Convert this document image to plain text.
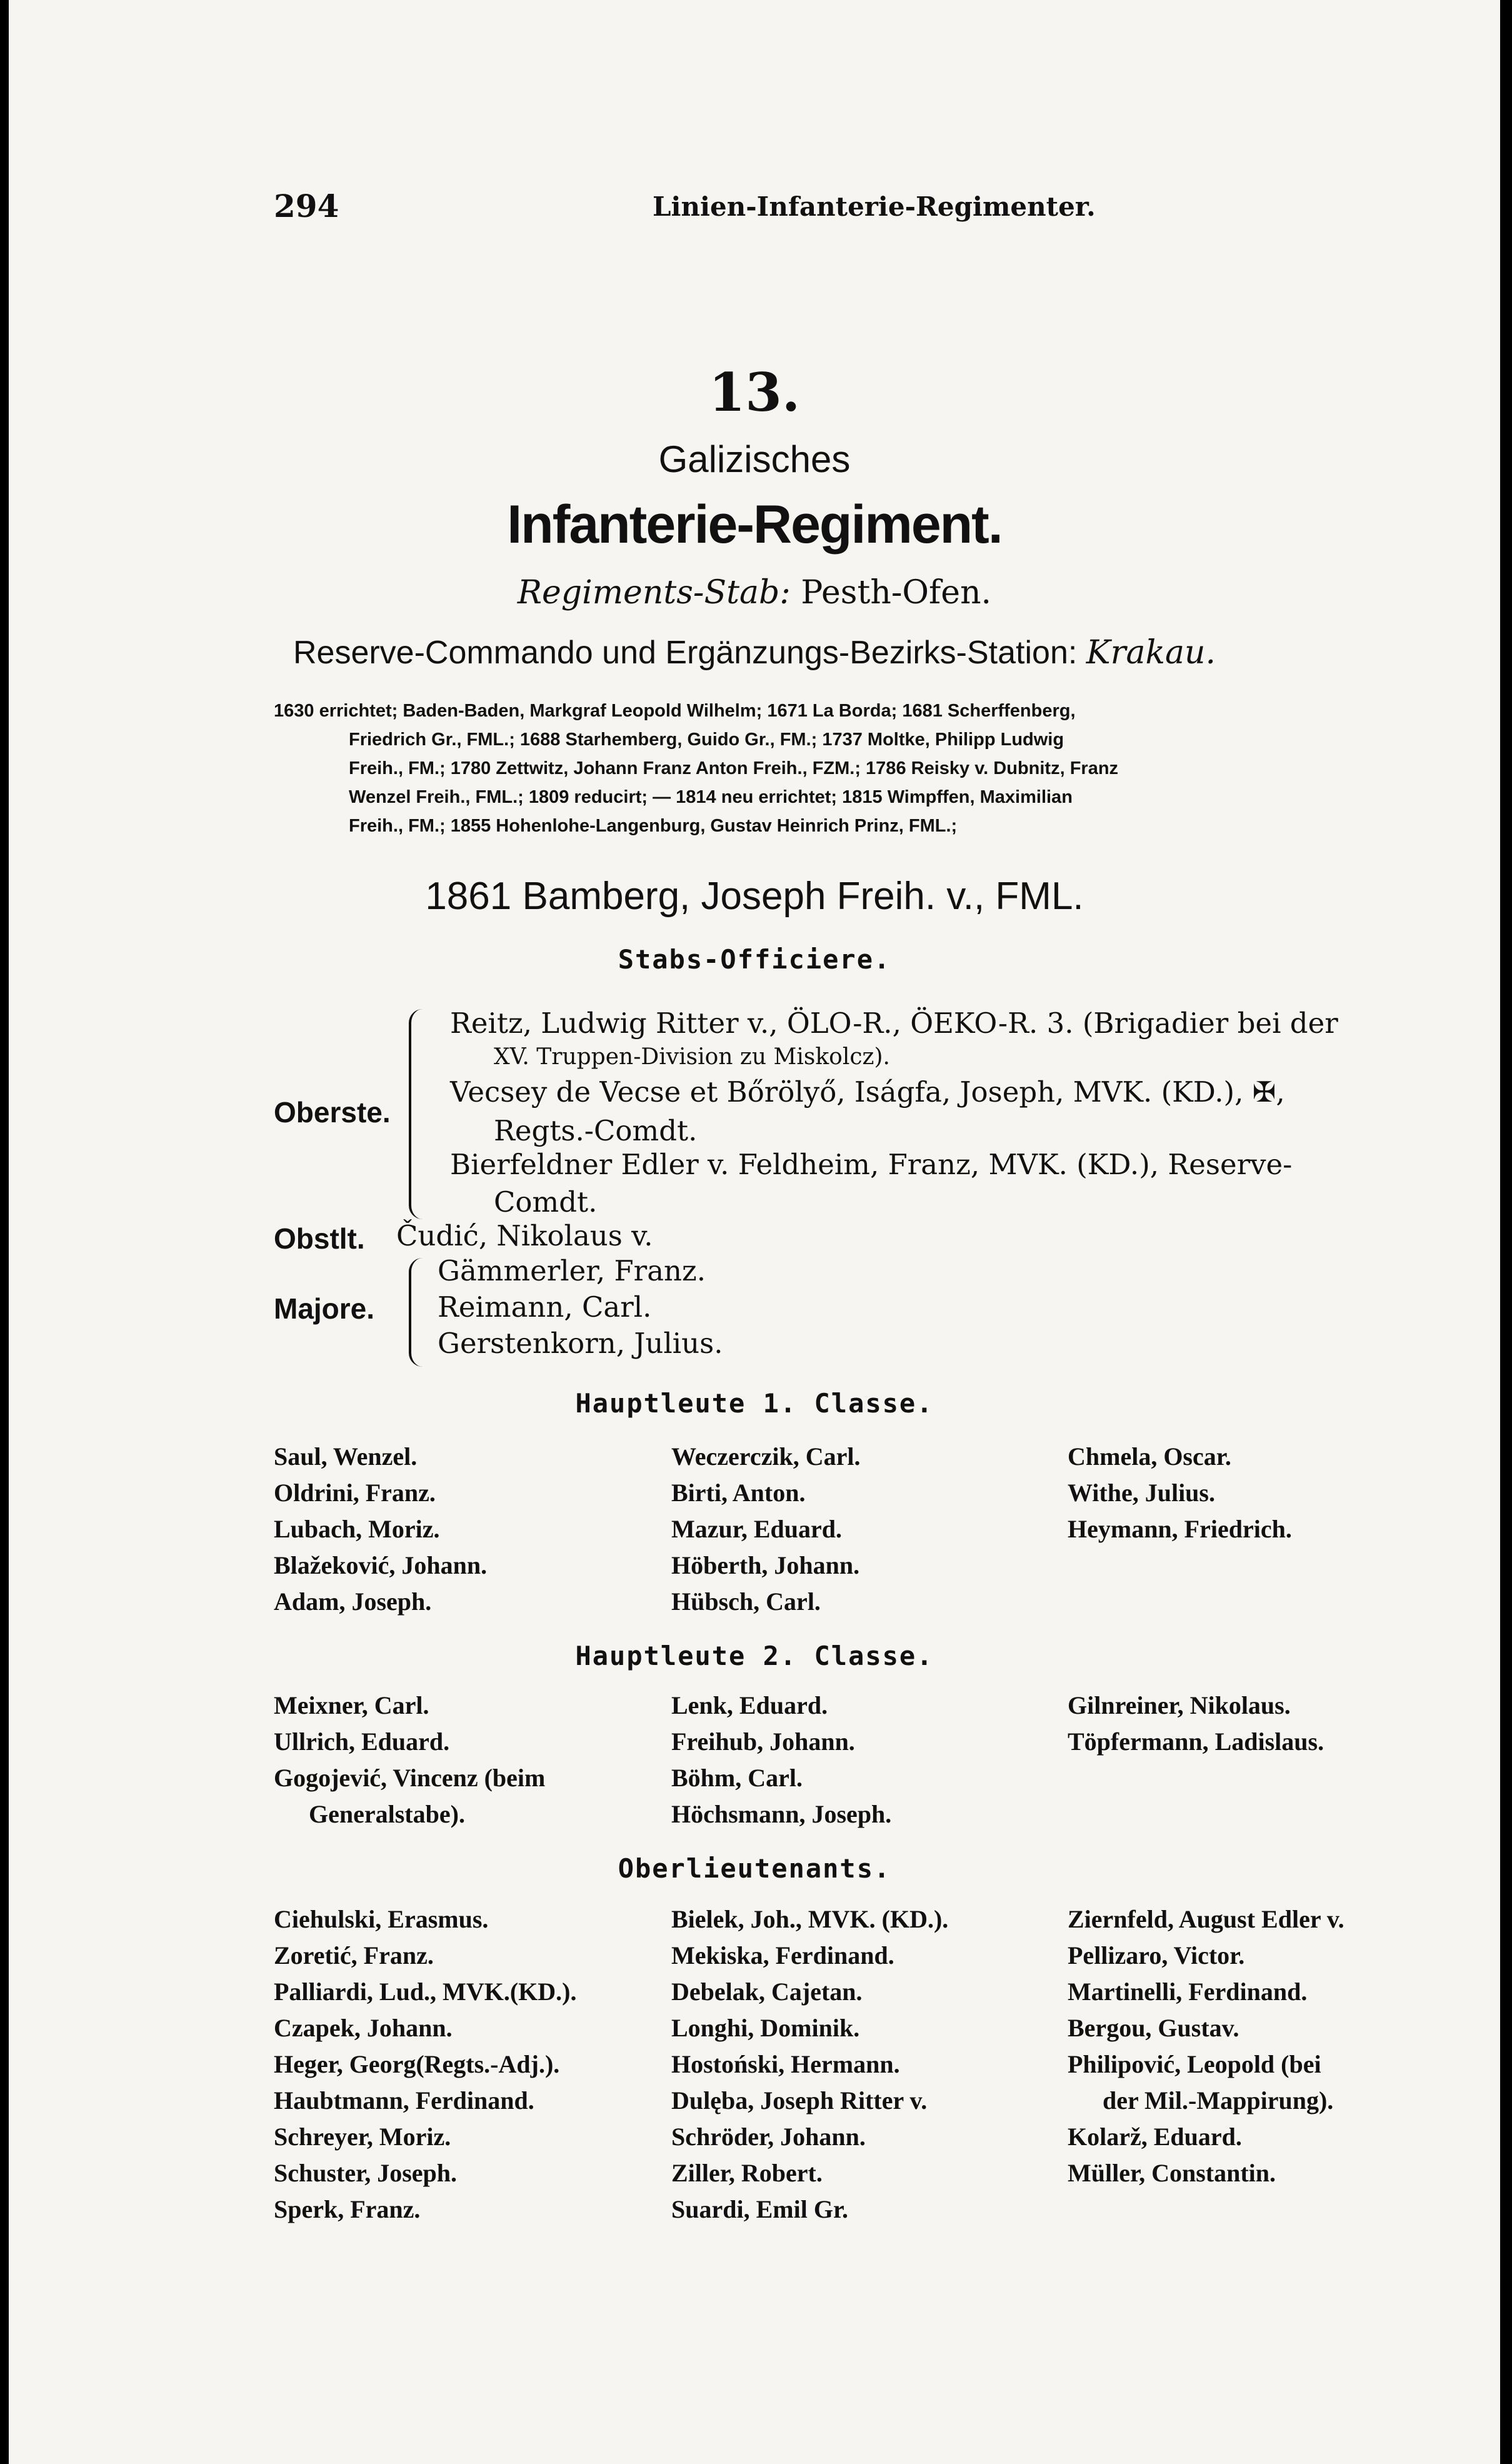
294	Linien-Infanterie-Regimenter.
13.
Galizisches
Infanterie-Regiment.
Regiments-Stab: Pesth-Ofen.
Reserve-Commando und Ergänzungs-Bezirks-Station: Krakau.
1630 errichtet; Baden-Baden, Markgraf Leopold Wilhelm; 1671 La Borda; 1681 Scherffenberg,
Friedrich Gr., FML.; 1688 Starhemberg, Guido Gr., FM.; 1737 Moltke, Philipp Ludwig
Freih., FM.; 1780 Zettwitz, Johann Franz Anton Freih., FZM.; 1786 Reisky v. Dubnitz, Franz
Wenzel Freih., FML.; 1809 reducirt; — 1814 neu errichtet; 1815 Wimpffen, Maximilian
Freih., FM.; 1855 Hohenlohe-Langenburg, Gustav Heinrich Prinz, FML.;
1861 Bamberg, Joseph Freih. v., FML.
Stabs-Officiere.
Oberste.
Reitz, Ludwig Ritter v., ÖLO-R., ÖEKO-R. 3. (Brigadier bei der
XV. Truppen-Division zu Miskolcz).
Vecsey de Vecse et Bőrölyő, Iságfa, Joseph, MVK. (KD.), ✠,
Regts.-Comdt.
Bierfeldner Edler v. Feldheim, Franz, MVK. (KD.), Reserve-
Comdt.
Obstlt. Čudić, Nikolaus v.
Majore.
Gämmerler, Franz.
Reimann, Carl.
Gerstenkorn, Julius.
Hauptleute 1. Classe.
Saul, Wenzel.
Oldrini, Franz.
Lubach, Moriz.
Blažeković, Johann.
Adam, Joseph.
Weczerczik, Carl.
Birti, Anton.
Mazur, Eduard.
Höberth, Johann.
Hübsch, Carl.
Chmela, Oscar.
Withe, Julius.
Heymann, Friedrich.
Hauptleute 2. Classe.
Meixner, Carl.
Ullrich, Eduard.
Gogojević, Vincenz (beim
Generalstabe).
Lenk, Eduard.
Freihub, Johann.
Böhm, Carl.
Höchsmann, Joseph.
Gilnreiner, Nikolaus.
Töpfermann, Ladislaus.
Oberlieutenants.
Ciehulski, Erasmus.
Zoretić, Franz.
Palliardi, Lud., MVK.(KD.).
Czapek, Johann.
Heger, Georg(Regts.-Adj.).
Haubtmann, Ferdinand.
Schreyer, Moriz.
Schuster, Joseph.
Sperk, Franz.
Bielek, Joh., MVK. (KD.).
Mekiska, Ferdinand.
Debelak, Cajetan.
Longhi, Dominik.
Hostoński, Hermann.
Dulęba, Joseph Ritter v.
Schröder, Johann.
Ziller, Robert.
Suardi, Emil Gr.
Ziernfeld, August Edler v.
Pellizaro, Victor.
Martinelli, Ferdinand.
Bergou, Gustav.
Philipović, Leopold (bei
der Mil.-Mappirung).
Kolarž, Eduard.
Müller, Constantin.
